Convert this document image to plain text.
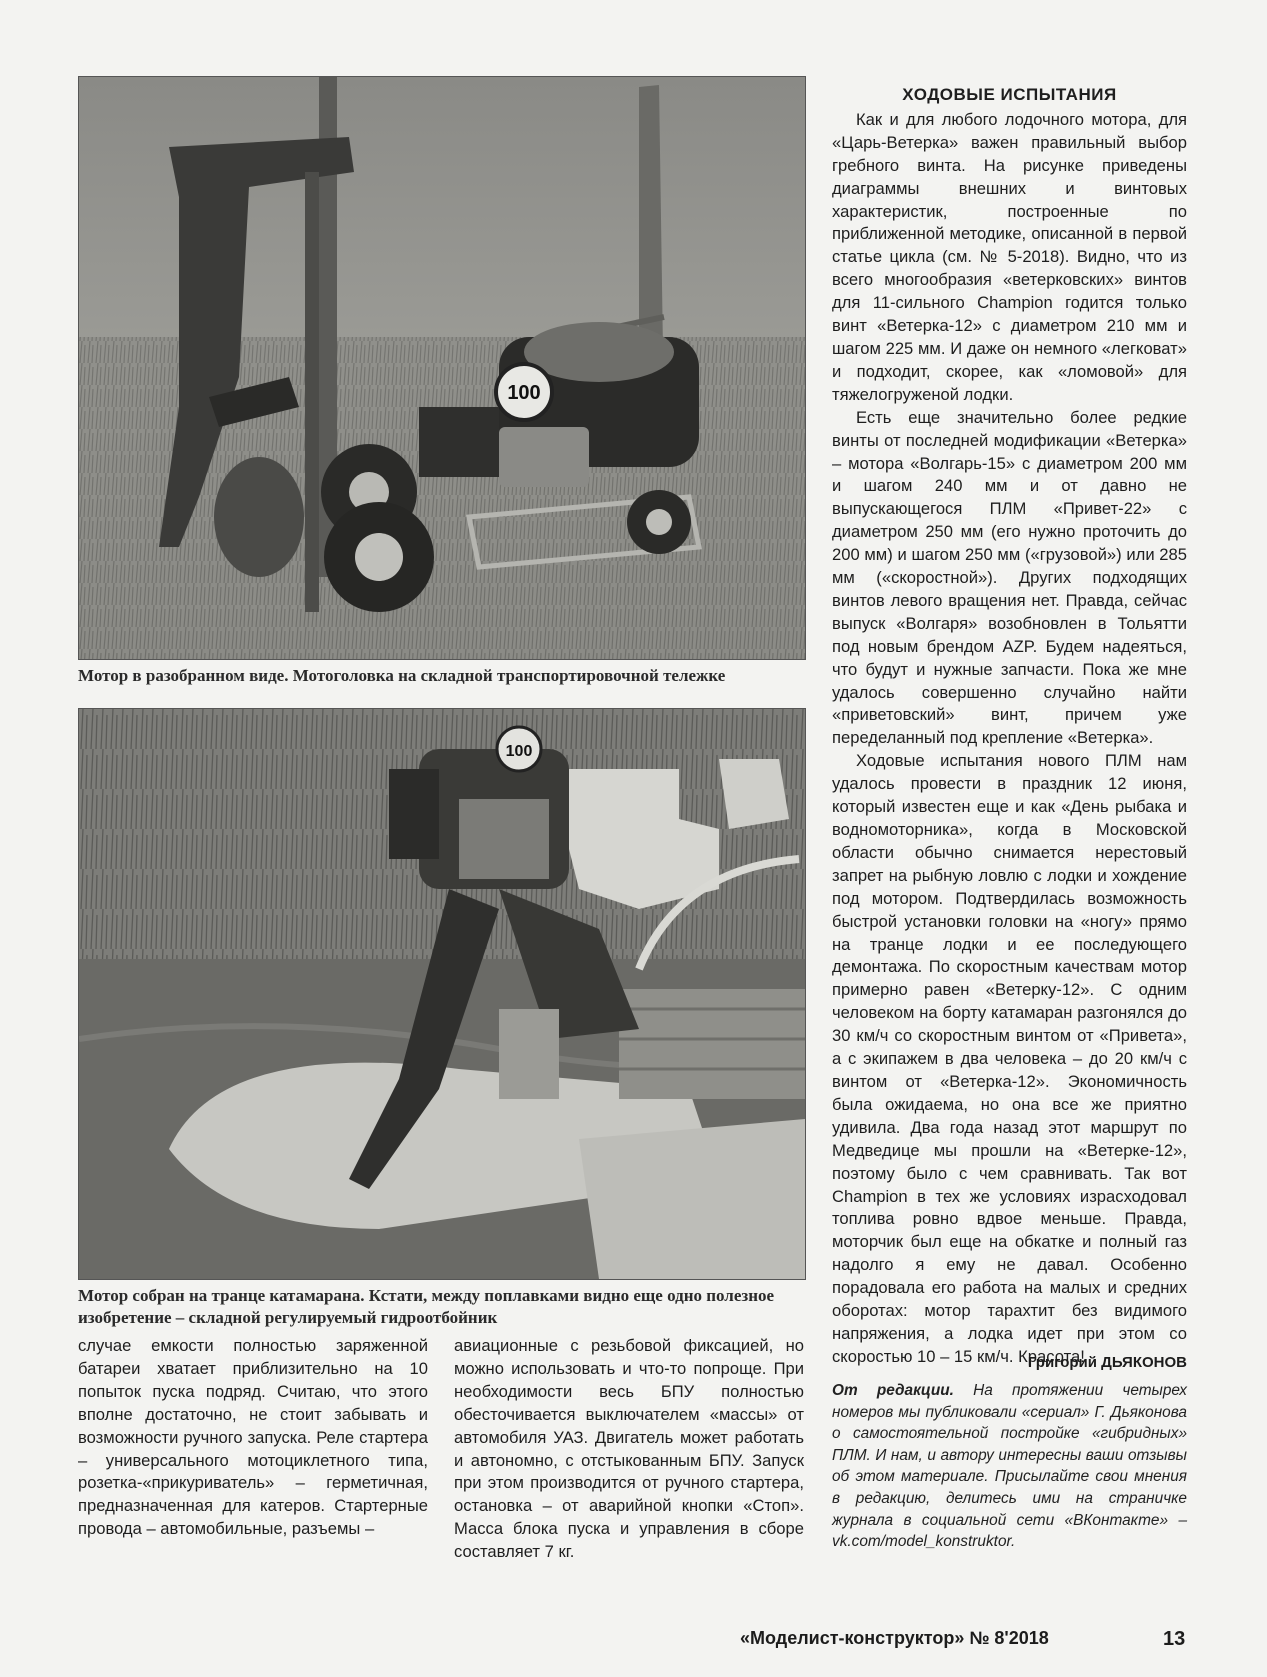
100
Мотор в разобранном виде. Мотоголовка на складной транспортировочной тележке
100
Мотор собран на транце катамарана. Кстати, между поплавками видно еще одно полезное изобретение – складной регулируемый гидроотбойник

случае емкости полностью заряженной батареи хватает приблизительно на 10 попыток пуска подряд. Считаю, что этого вполне достаточно, не стоит забывать и возможности ручного запуска. Реле стартера – универсального мотоциклетного типа, розетка-«прикуриватель» – герметичная, предназначенная для катеров. Стартерные провода – автомобильные, разъемы –

авиационные с резьбовой фиксацией, но можно использовать и что-то попроще. При необходимости весь БПУ полностью обесточивается выключателем «массы» от автомобиля УАЗ. Двигатель может работать и автономно, с отстыкованным БПУ. Запуск при этом производится от ручного стартера, остановка – от аварийной кнопки «Стоп». Масса блока пуска и управления в сборе составляет 7 кг.

ХОДОВЫЕ ИСПЫТАНИЯ

Как и для любого лодочного мотора, для «Царь-Ветерка» важен правильный выбор гребного винта. На рисунке приведены диаграммы внешних и винтовых характеристик, построенные по приближенной методике, описанной в первой статье цикла (см. № 5-2018). Видно, что из всего многообразия «ветерковских» винтов для 11-сильного Champion годится только винт «Ветерка-12» с диаметром 210 мм и шагом 225 мм. И даже он немного «легковат» и подходит, скорее, как «ломовой» для тяжелогруженой лодки.

Есть еще значительно более редкие винты от последней модификации «Ветерка» – мотора «Волгарь-15» с диаметром 200 мм и шагом 240 мм и от давно не выпускающегося ПЛМ «Привет-22» с диаметром 250 мм (его нужно проточить до 200 мм) и шагом 250 мм («грузовой») или 285 мм («скоростной»). Других подходящих винтов левого вращения нет. Правда, сейчас выпуск «Волгаря» возобновлен в Тольятти под новым брендом AZP. Будем надеяться, что будут и нужные запчасти. Пока же мне удалось совершенно случайно найти «приветовский» винт, причем уже переделанный под крепление «Ветерка».

Ходовые испытания нового ПЛМ нам удалось провести в праздник 12 июня, который известен еще и как «День рыбака и водномоторника», когда в Московской области обычно снимается нерестовый запрет на рыбную ловлю с лодки и хождение под мотором. Подтвердилась возможность быстрой установки головки на «ногу» прямо на транце лодки и ее последующего демонтажа. По скоростным качествам мотор примерно равен «Ветерку-12». С одним человеком на борту катамаран разгонялся до 30 км/ч со скоростным винтом от «Привета», а с экипажем в два человека – до 20 км/ч с винтом от «Ветерка-12». Экономичность была ожидаема, но она все же приятно удивила. Два года назад этот маршрут по Медведице мы прошли на «Ветерке-12», поэтому было с чем сравнивать. Так вот Champion в тех же условиях израсходовал топлива ровно вдвое меньше. Правда, моторчик был еще на обкатке и полный газ надолго я ему не давал. Особенно порадовала его работа на малых и средних оборотах: мотор тарахтит без видимого напряжения, а лодка идет при этом со скоростью 10 – 15 км/ч. Красота!

Григорий ДЬЯКОНОВ
От редакции. На протяжении четырех номеров мы публиковали «сериал» Г. Дьяконова о самостоятельной постройке «гибридных» ПЛМ. И нам, и автору интересны ваши отзывы об этом материале. Присылайте свои мнения в редакцию, делитесь ими на страничке журнала в социальной сети «ВКонтакте» – vk.com/model_konstruktor.
«Моделист-конструктор» № 8'2018	13
